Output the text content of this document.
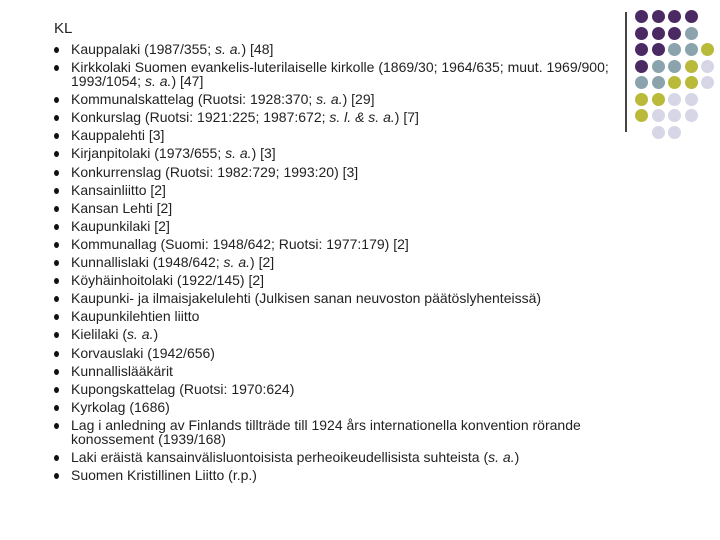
KL
Kauppalaki (1987/355; s. a.) [48]
Kirkkolaki Suomen evankelis-luterilaiselle kirkolle (1869/30; 1964/635; muut. 1969/900; 1993/1054; s. a.) [47]
Kommunalskattelag (Ruotsi: 1928:370; s. a.) [29]
Konkurslag (Ruotsi: 1921:225; 1987:672; s. l. & s. a.) [7]
Kauppalehti [3]
Kirjanpitolaki (1973/655; s. a.) [3]
Konkurrenslag (Ruotsi: 1982:729; 1993:20) [3]
Kansainliitto [2]
Kansan Lehti [2]
Kaupunkilaki [2]
Kommunallag (Suomi: 1948/642; Ruotsi: 1977:179) [2]
Kunnallislaki (1948/642; s. a.) [2]
Köyhäinhoitolaki (1922/145) [2]
Kaupunki- ja ilmaisjakelulehti (Julkisen sanan neuvoston päätöslyhenteissä)
Kaupunkilehtien liitto
Kielilaki (s. a.)
Korvauslaki (1942/656)
Kunnallislääkärit
Kupongskattelag (Ruotsi: 1970:624)
Kyrkolag (1686)
Lag i anledning av Finlands tillträde till 1924 års internationella konvention rörande konossement (1939/168)
Laki eräistä kansainvälisluontoisista perheoikeudellisista suhteista (s. a.)
Suomen Kristillinen Liitto (r.p.)
